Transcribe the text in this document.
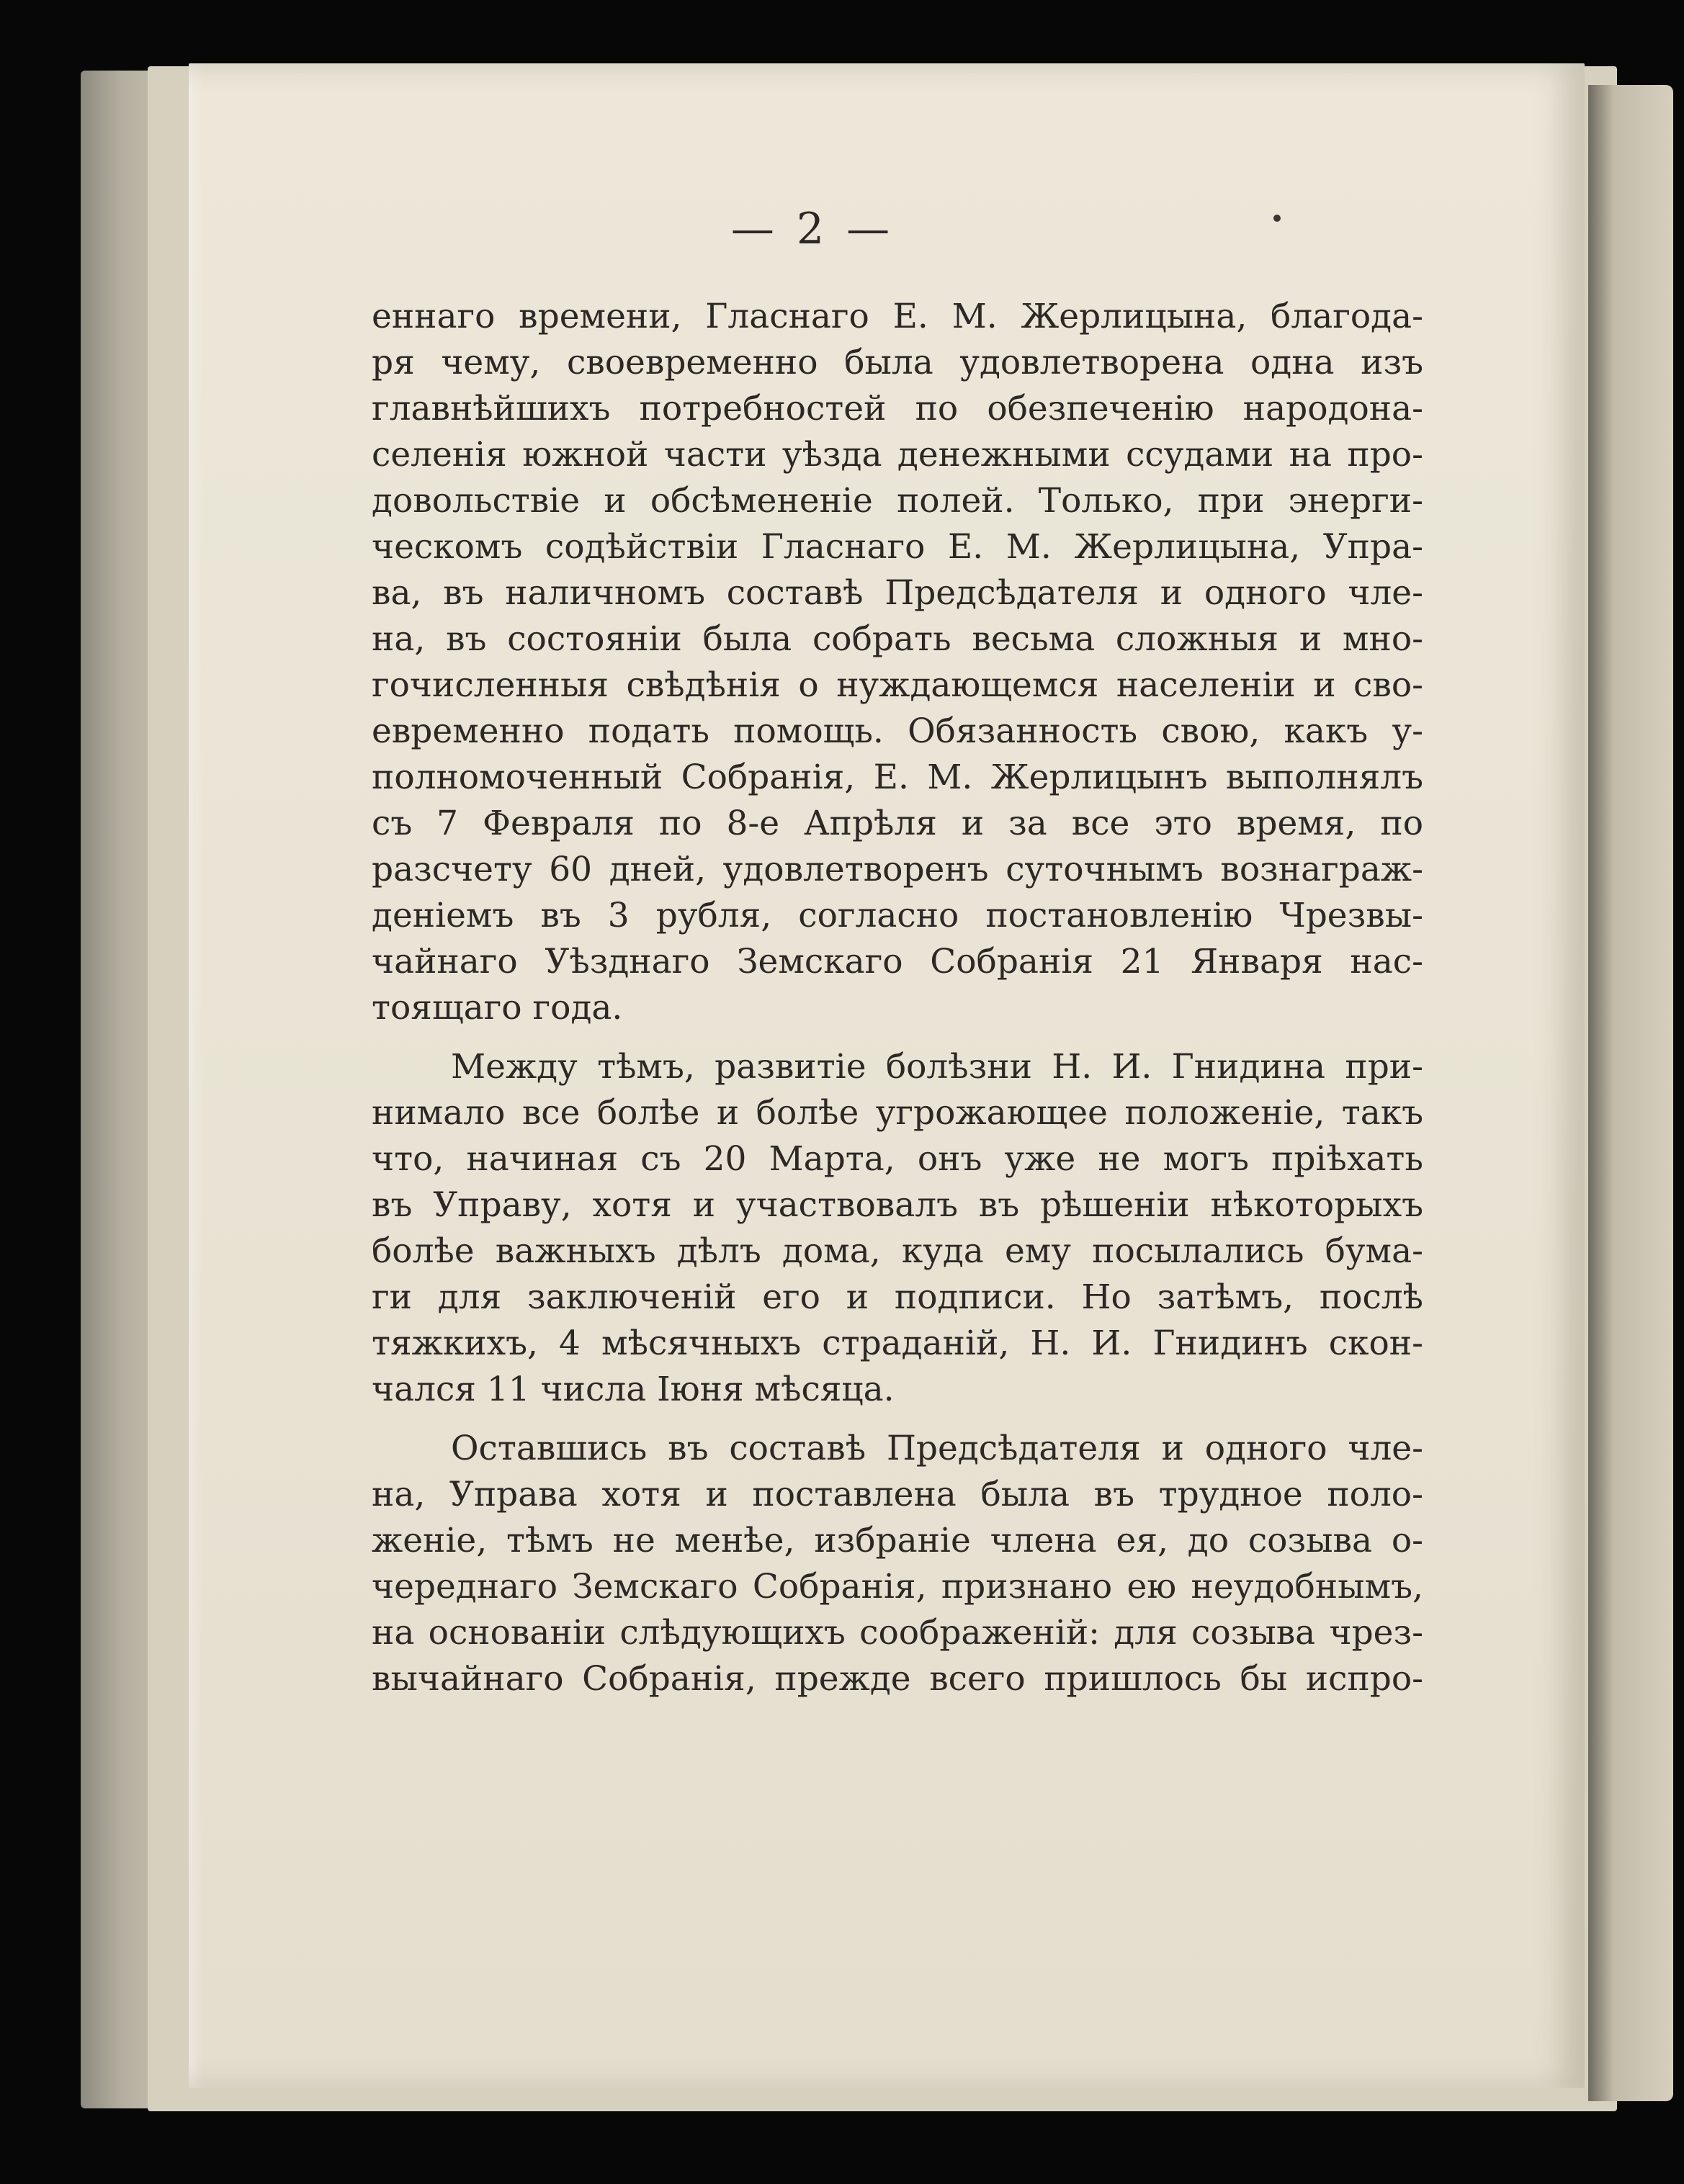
— 2 —
еннаго времени, Гласнаго Е. М. Жерлицына, благода-
ря чему, своевременно была удовлетворена одна изъ
главнѣйшихъ потребностей по обезпеченію народона-
селенія южной части уѣзда денежными ссудами на про-
довольствіе и обсѣмененіе полей. Только, при энерги-
ческомъ содѣйствіи Гласнаго Е. М. Жерлицына, Упра-
ва, въ наличномъ составѣ Предсѣдателя и одного чле-
на, въ состояніи была собрать весьма сложныя и мно-
гочисленныя свѣдѣнія о нуждающемся населеніи и сво-
евременно подать помощь. Обязанность свою, какъ у-
полномоченный Собранія, Е. М. Жерлицынъ выполнялъ
съ 7 Февраля по 8-е Апрѣля и за все это время, по
разсчету 60 дней, удовлетворенъ суточнымъ вознаграж-
деніемъ въ 3 рубля, согласно постановленію Чрезвы-
чайнаго Уѣзднаго Земскаго Собранія 21 Января нас-
тоящаго года.
Между тѣмъ, развитіе болѣзни Н. И. Гнидина при-
нимало все болѣе и болѣе угрожающее положеніе, такъ
что, начиная съ 20 Марта, онъ уже не могъ пріѣхать
въ Управу, хотя и участвовалъ въ рѣшеніи нѣкоторыхъ
болѣе важныхъ дѣлъ дома, куда ему посылались бума-
ги для заключеній его и подписи. Но затѣмъ, послѣ
тяжкихъ, 4 мѣсячныхъ страданій, Н. И. Гнидинъ скон-
чался 11 числа Іюня мѣсяца.
Оставшись въ составѣ Предсѣдателя и одного чле-
на, Управа хотя и поставлена была въ трудное поло-
женіе, тѣмъ не менѣе, избраніе члена ея, до созыва о-
череднаго Земскаго Собранія, признано ею неудобнымъ,
на основаніи слѣдующихъ соображеній: для созыва чрез-
вычайнаго Собранія, прежде всего пришлось бы испро-
